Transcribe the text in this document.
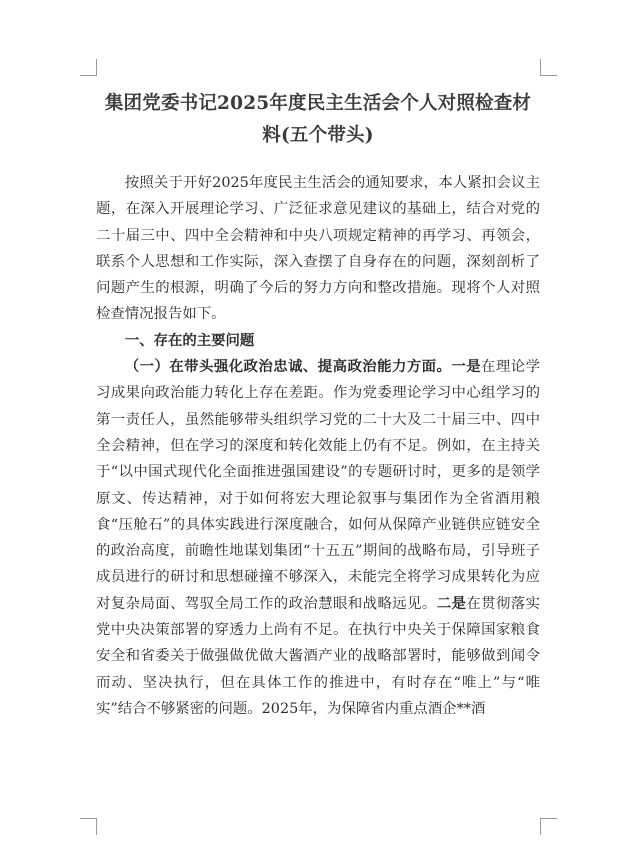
集团党委书记2025年度民主生活会个人对照检查材
料(五个带头)

按照关于开好2025年度民主生活会的通知要求，本人紧扣会议主题，在深入开展理论学习、广泛征求意见建议的基础上，结合对党的二十届三中、四中全会精神和中央八项规定精神的再学习、再领会，联系个人思想和工作实际，深入查摆了自身存在的问题，深刻剖析了问题产生的根源，明确了今后的努力方向和整改措施。现将个人对照检查情况报告如下。

一、存在的主要问题

（一）在带头强化政治忠诚、提高政治能力方面。一是在理论学习成果向政治能力转化上存在差距。作为党委理论学习中心组学习的第一责任人，虽然能够带头组织学习党的二十大及二十届三中、四中全会精神，但在学习的深度和转化效能上仍有不足。例如，在主持关于“以中国式现代化全面推进强国建设”的专题研讨时，更多的是领学原文、传达精神，对于如何将宏大理论叙事与集团作为全省酒用粮食“压舱石”的具体实践进行深度融合，如何从保障产业链供应链安全的政治高度，前瞻性地谋划集团“十五五”期间的战略布局，引导班子成员进行的研讨和思想碰撞不够深入，未能完全将学习成果转化为应对复杂局面、驾驭全局工作的政治慧眼和战略远见。二是在贯彻落实党中央决策部署的穿透力上尚有不足。在执行中央关于保障国家粮食安全和省委关于做强做优做大酱酒产业的战略部署时，能够做到闻令而动、坚决执行，但在具体工作的推进中，有时存在“唯上”与“唯实”结合不够紧密的问题。2025年，为保障省内重点酒企**酒
